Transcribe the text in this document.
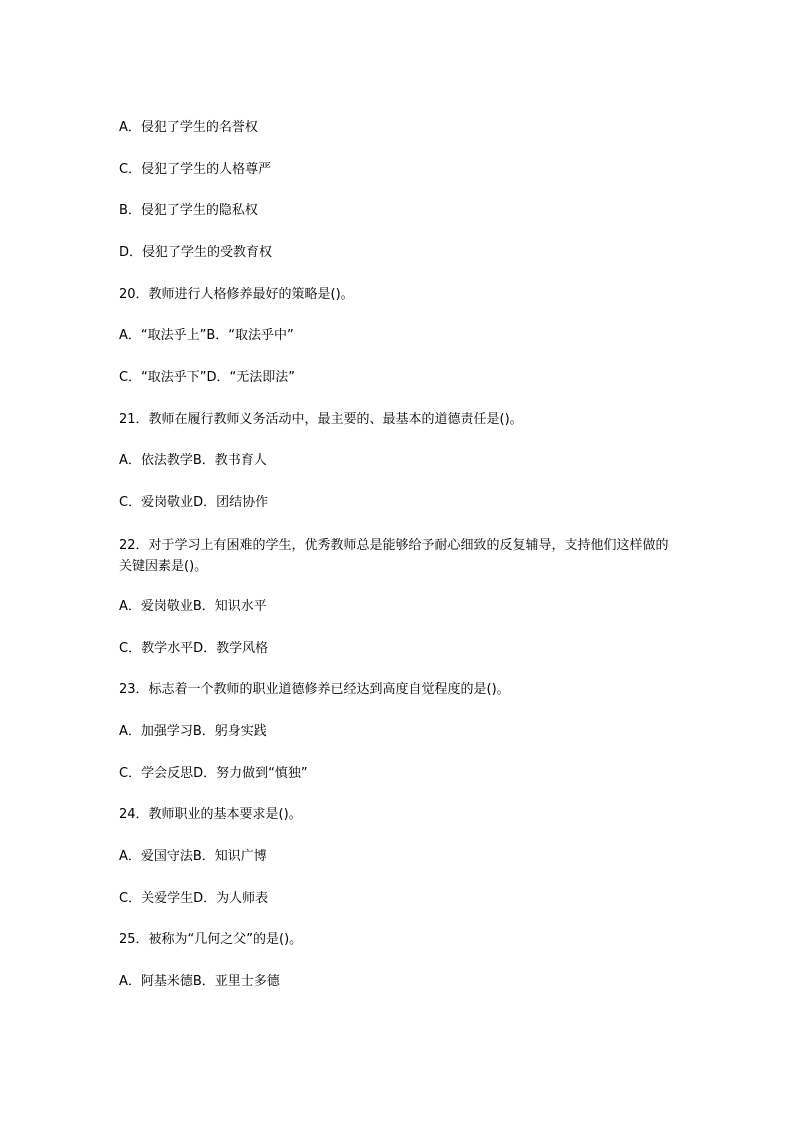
A．侵犯了学生的名誉权
C．侵犯了学生的人格尊严
B．侵犯了学生的隐私权
D．侵犯了学生的受教育权
20．教师进行人格修养最好的策略是()。
A．“取法乎上”B．“取法乎中”
C．“取法乎下”D．“无法即法”
21．教师在履行教师义务活动中，最主要的、最基本的道德责任是()。
A．依法教学B．教书育人
C．爱岗敬业D．团结协作
22．对于学习上有困难的学生，优秀教师总是能够给予耐心细致的反复辅导，支持他们这样做的关键因素是()。
A．爱岗敬业B．知识水平
C．教学水平D．教学风格
23．标志着一个教师的职业道德修养已经达到高度自觉程度的是()。
A．加强学习B．躬身实践
C．学会反思D．努力做到“慎独”
24．教师职业的基本要求是()。
A．爱国守法B．知识广博
C．关爱学生D．为人师表
25．被称为“几何之父”的是()。
A．阿基米德B．亚里士多德
